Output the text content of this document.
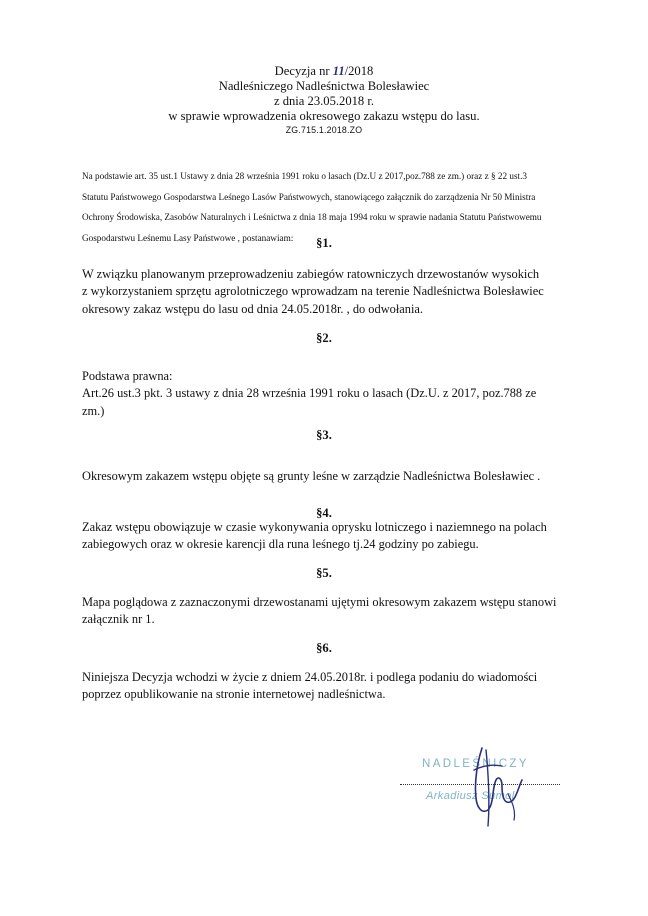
Decyzja nr 11/2018
Nadleśniczego Nadleśnictwa Bolesławiec
z dnia 23.05.2018 r.
w sprawie wprowadzenia okresowego zakazu wstępu do lasu.
ZG.715.1.2018.ZO
Na podstawie art. 35 ust.1 Ustawy z dnia 28 września 1991 roku o lasach (Dz.U z 2017,poz.788 ze zm.) oraz z § 22 ust.3
Statutu Państwowego Gospodarstwa Leśnego Lasów Państwowych, stanowiącego załącznik do zarządzenia Nr 50 Ministra
Ochrony Środowiska, Zasobów Naturalnych i Leśnictwa z dnia 18 maja 1994 roku w sprawie nadania Statutu Państwowemu
Gospodarstwu Leśnemu Lasy Państwowe , postanawiam:	§1.
W związku planowanym przeprowadzeniu zabiegów ratowniczych drzewostanów wysokich
z wykorzystaniem sprzętu agrolotniczego wprowadzam na terenie Nadleśnictwa Bolesławiec
okresowy zakaz wstępu do lasu od dnia 24.05.2018r. , do odwołania.
§2.
Podstawa prawna:
Art.26 ust.3 pkt. 3 ustawy z dnia 28 września 1991 roku o lasach (Dz.U. z 2017, poz.788 ze
zm.)
§3.
Okresowym zakazem wstępu objęte są grunty leśne w zarządzie Nadleśnictwa Bolesławiec .
§4.
Zakaz wstępu obowiązuje w czasie wykonywania oprysku lotniczego i naziemnego na polach
zabiegowych oraz w okresie karencji dla runa leśnego tj.24 godziny po zabiegu.
§5.
Mapa poglądowa z zaznaczonymi drzewostanami ujętymi okresowym zakazem wstępu stanowi
załącznik nr 1.
§6.
Niniejsza Decyzja wchodzi w życie z dniem 24.05.2018r. i podlega podaniu do wiadomości
poprzez opublikowanie na stronie internetowej nadleśnictwa.
NADLEŚNICZY
Arkadiusz Sumol
